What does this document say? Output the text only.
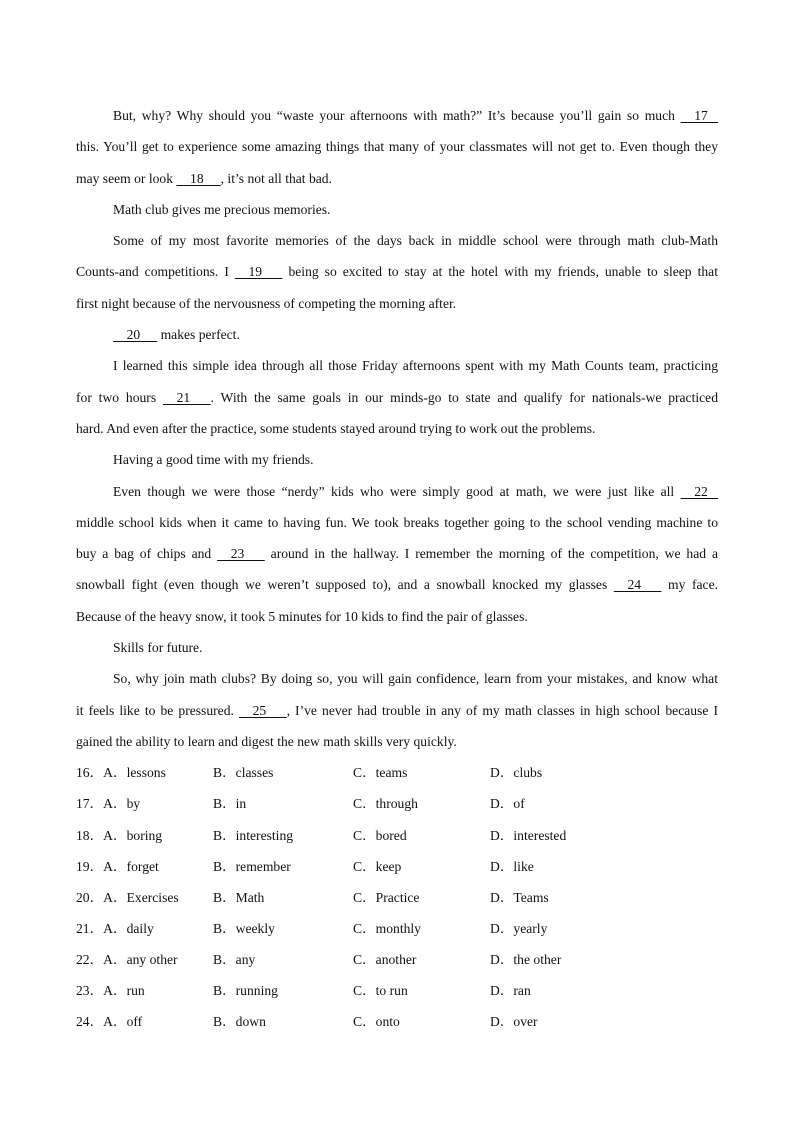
But, why? Why should you “waste your afternoons with math?” It’s because you’ll gain so much     17

this. You’ll get to experience some amazing things that many of your classmates will not get to. Even though they

may seem or look     18     , it’s not all that bad.

Math club gives me precious memories.

Some of my most favorite memories of the days back in middle school were through math club-Math

Counts-and competitions. I     19       being so excited to stay at the hotel with my friends, unable to sleep that

first night because of the nervousness of competing the morning after.

20      makes perfect.

I learned this simple idea through all those Friday afternoons spent with my Math Counts team, practicing

for two hours     21      . With the same goals in our minds-go to state and qualify for nationals-we practiced

hard. And even after the practice, some students stayed around trying to work out the problems.

Having a good time with my friends.

Even though we were those “nerdy” kids who were simply good at math, we were just like all     22

middle school kids when it came to having fun. We took breaks together going to the school vending machine to

buy a bag of chips and     23       around in the hallway. I remember the morning of the competition, we had a

snowball fight (even though we weren’t supposed to), and a snowball knocked my glasses     24       my face.

Because of the heavy snow, it took 5 minutes for 10 kids to find the pair of glasses.

Skills for future.

So, why join math clubs? By doing so, you will gain confidence, learn from your mistakes, and know what

it feels like to be pressured.     25      , I’ve never had trouble in any of my math classes in high school because I

gained the ability to learn and digest the new math skills very quickly.

16．A．lessons	B．classes	C．teams	D．clubs
17．A．by	B．in	C．through	D．of
18．A．boring	B．interesting	C．bored	D．interested
19．A．forget	B．remember	C．keep	D．like
20．A．Exercises	B．Math	C．Practice	D．Teams
21．A．daily	B．weekly	C．monthly	D．yearly
22．A．any other	B．any	C．another	D．the other
23．A．run	B．running	C．to run	D．ran
24．A．off	B．down	C．onto	D．over
